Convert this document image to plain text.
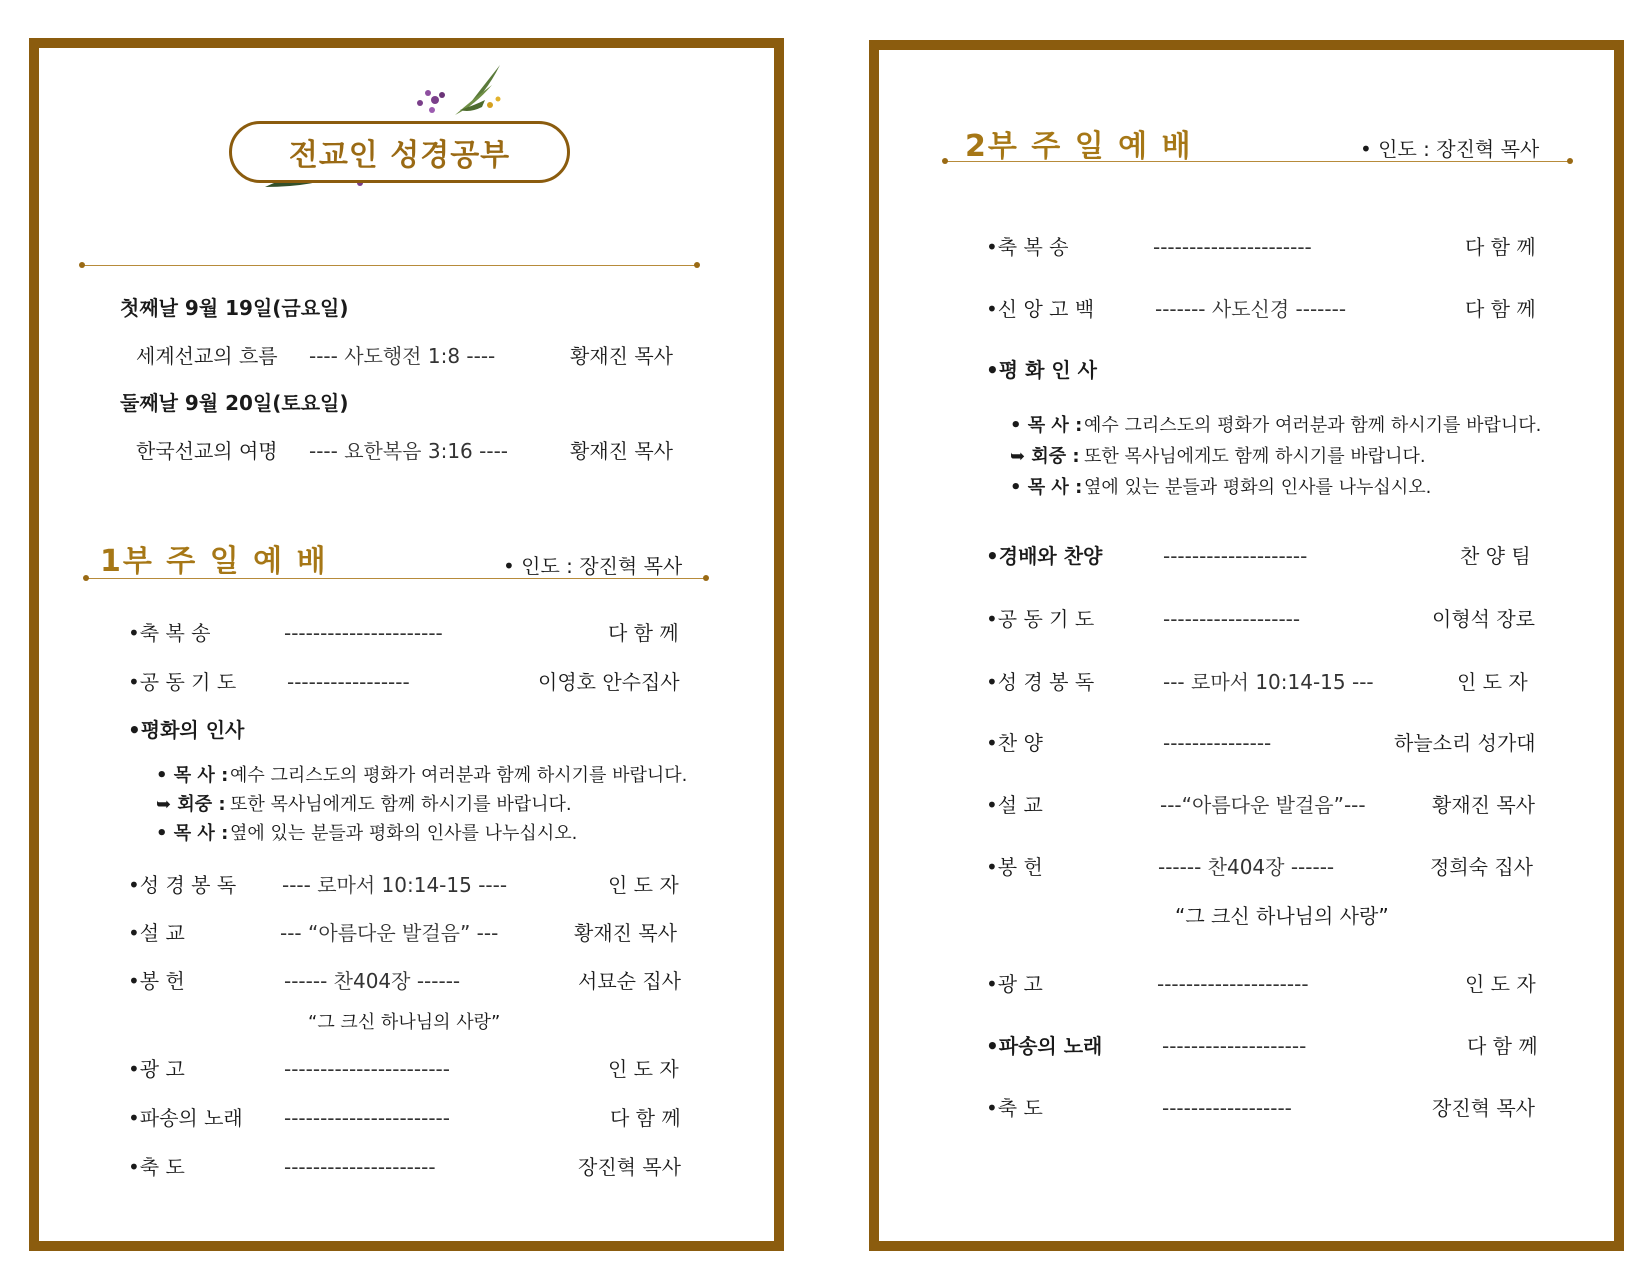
전교인 성경공부
첫째날 9월 19일(금요일)
세계선교의 흐름 ---- 사도행전 1:8 ----	황재진 목사
둘째날 9월 20일(토요일)
한국선교의 여명 ---- 요한복음 3:16 ----	황재진 목사
1부 주 일 예 배	• 인도 : 장진혁 목사
•축 복 송	----------------------	다 함 께
•공 동 기 도	-----------------	이영호 안수집사
•평화의 인사
• 목 사 : 예수 그리스도의 평화가 여러분과 함께 하시기를 바랍니다.
➥ 회중 : 또한 목사님에게도 함께 하시기를 바랍니다.
• 목 사 : 옆에 있는 분들과 평화의 인사를 나누십시오.
•성 경 봉 독 ---- 로마서 10:14-15 ----	인 도 자
•설 교	--- “아름다운 발걸음” ---	황재진 목사
•봉 헌	------ 찬404장 ------	서묘순 집사
“그 크신 하나님의 사랑”
•광 고	-----------------------	인 도 자
•파송의 노래 -----------------------	다 함 께
•축 도	---------------------	장진혁 목사
2부 주 일 예 배	• 인도 : 장진혁 목사
•축 복 송	----------------------	다 함 께
•신 앙 고 백	------- 사도신경 -------	다 함 께
•평 화 인 사
• 목 사 : 예수 그리스도의 평화가 여러분과 함께 하시기를 바랍니다.
➥ 회중 : 또한 목사님에게도 함께 하시기를 바랍니다.
• 목 사 : 옆에 있는 분들과 평화의 인사를 나누십시오.
•경배와 찬양	--------------------	찬 양 팀
•공 동 기 도	-------------------	이형석 장로
•성 경 봉 독	--- 로마서 10:14-15 ---	인 도 자
•찬 양	---------------	하늘소리 성가대
•설 교	---“아름다운 발걸음”---	황재진 목사
•봉 헌	------ 찬404장 ------	정희숙 집사
“그 크신 하나님의 사랑”
•광 고	---------------------	인 도 자
•파송의 노래	--------------------	다 함 께
•축 도	------------------	장진혁 목사
